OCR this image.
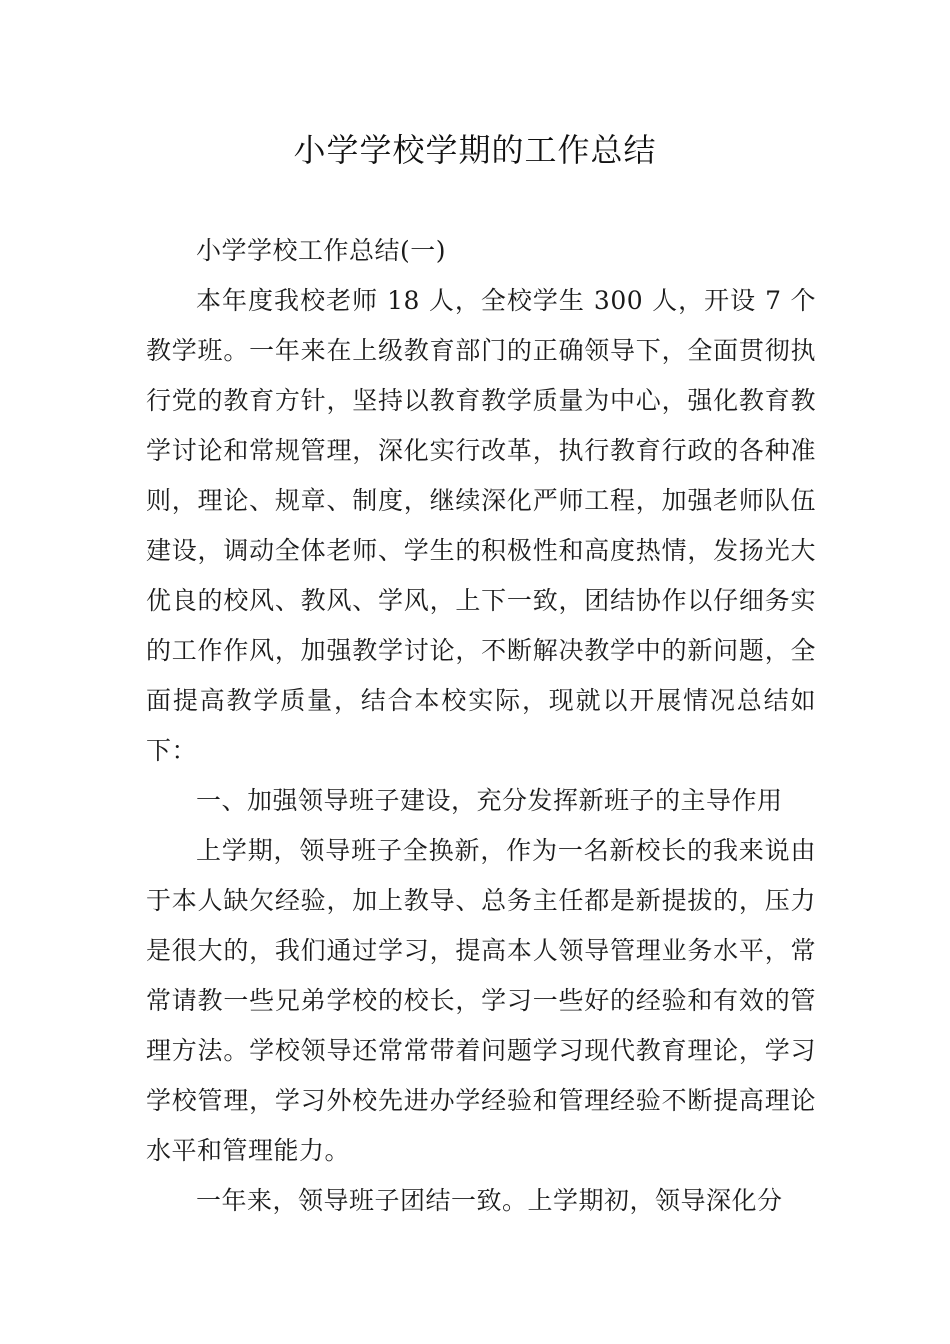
小学学校学期的工作总结

小学学校工作总结(一)

本年度我校老师 18 人，全校学生 300 人，开设 7 个教学班。一年来在上级教育部门的正确领导下，全面贯彻执行党的教育方针，坚持以教育教学质量为中心，强化教育教学讨论和常规管理，深化实行改革，执行教育行政的各种准则，理论、规章、制度，继续深化严师工程，加强老师队伍建设，调动全体老师、学生的积极性和高度热情，发扬光大优良的校风、教风、学风，上下一致，团结协作以仔细务实的工作作风，加强教学讨论，不断解决教学中的新问题，全面提高教学质量，结合本校实际，现就以开展情况总结如下：

一、加强领导班子建设，充分发挥新班子的主导作用

上学期，领导班子全换新，作为一名新校长的我来说由于本人缺欠经验，加上教导、总务主任都是新提拔的，压力是很大的，我们通过学习，提高本人领导管理业务水平，常常请教一些兄弟学校的校长，学习一些好的经验和有效的管理方法。学校领导还常常带着问题学习现代教育理论，学习学校管理，学习外校先进办学经验和管理经验不断提高理论水平和管理能力。

一年来，领导班子团结一致。上学期初，领导深化分
